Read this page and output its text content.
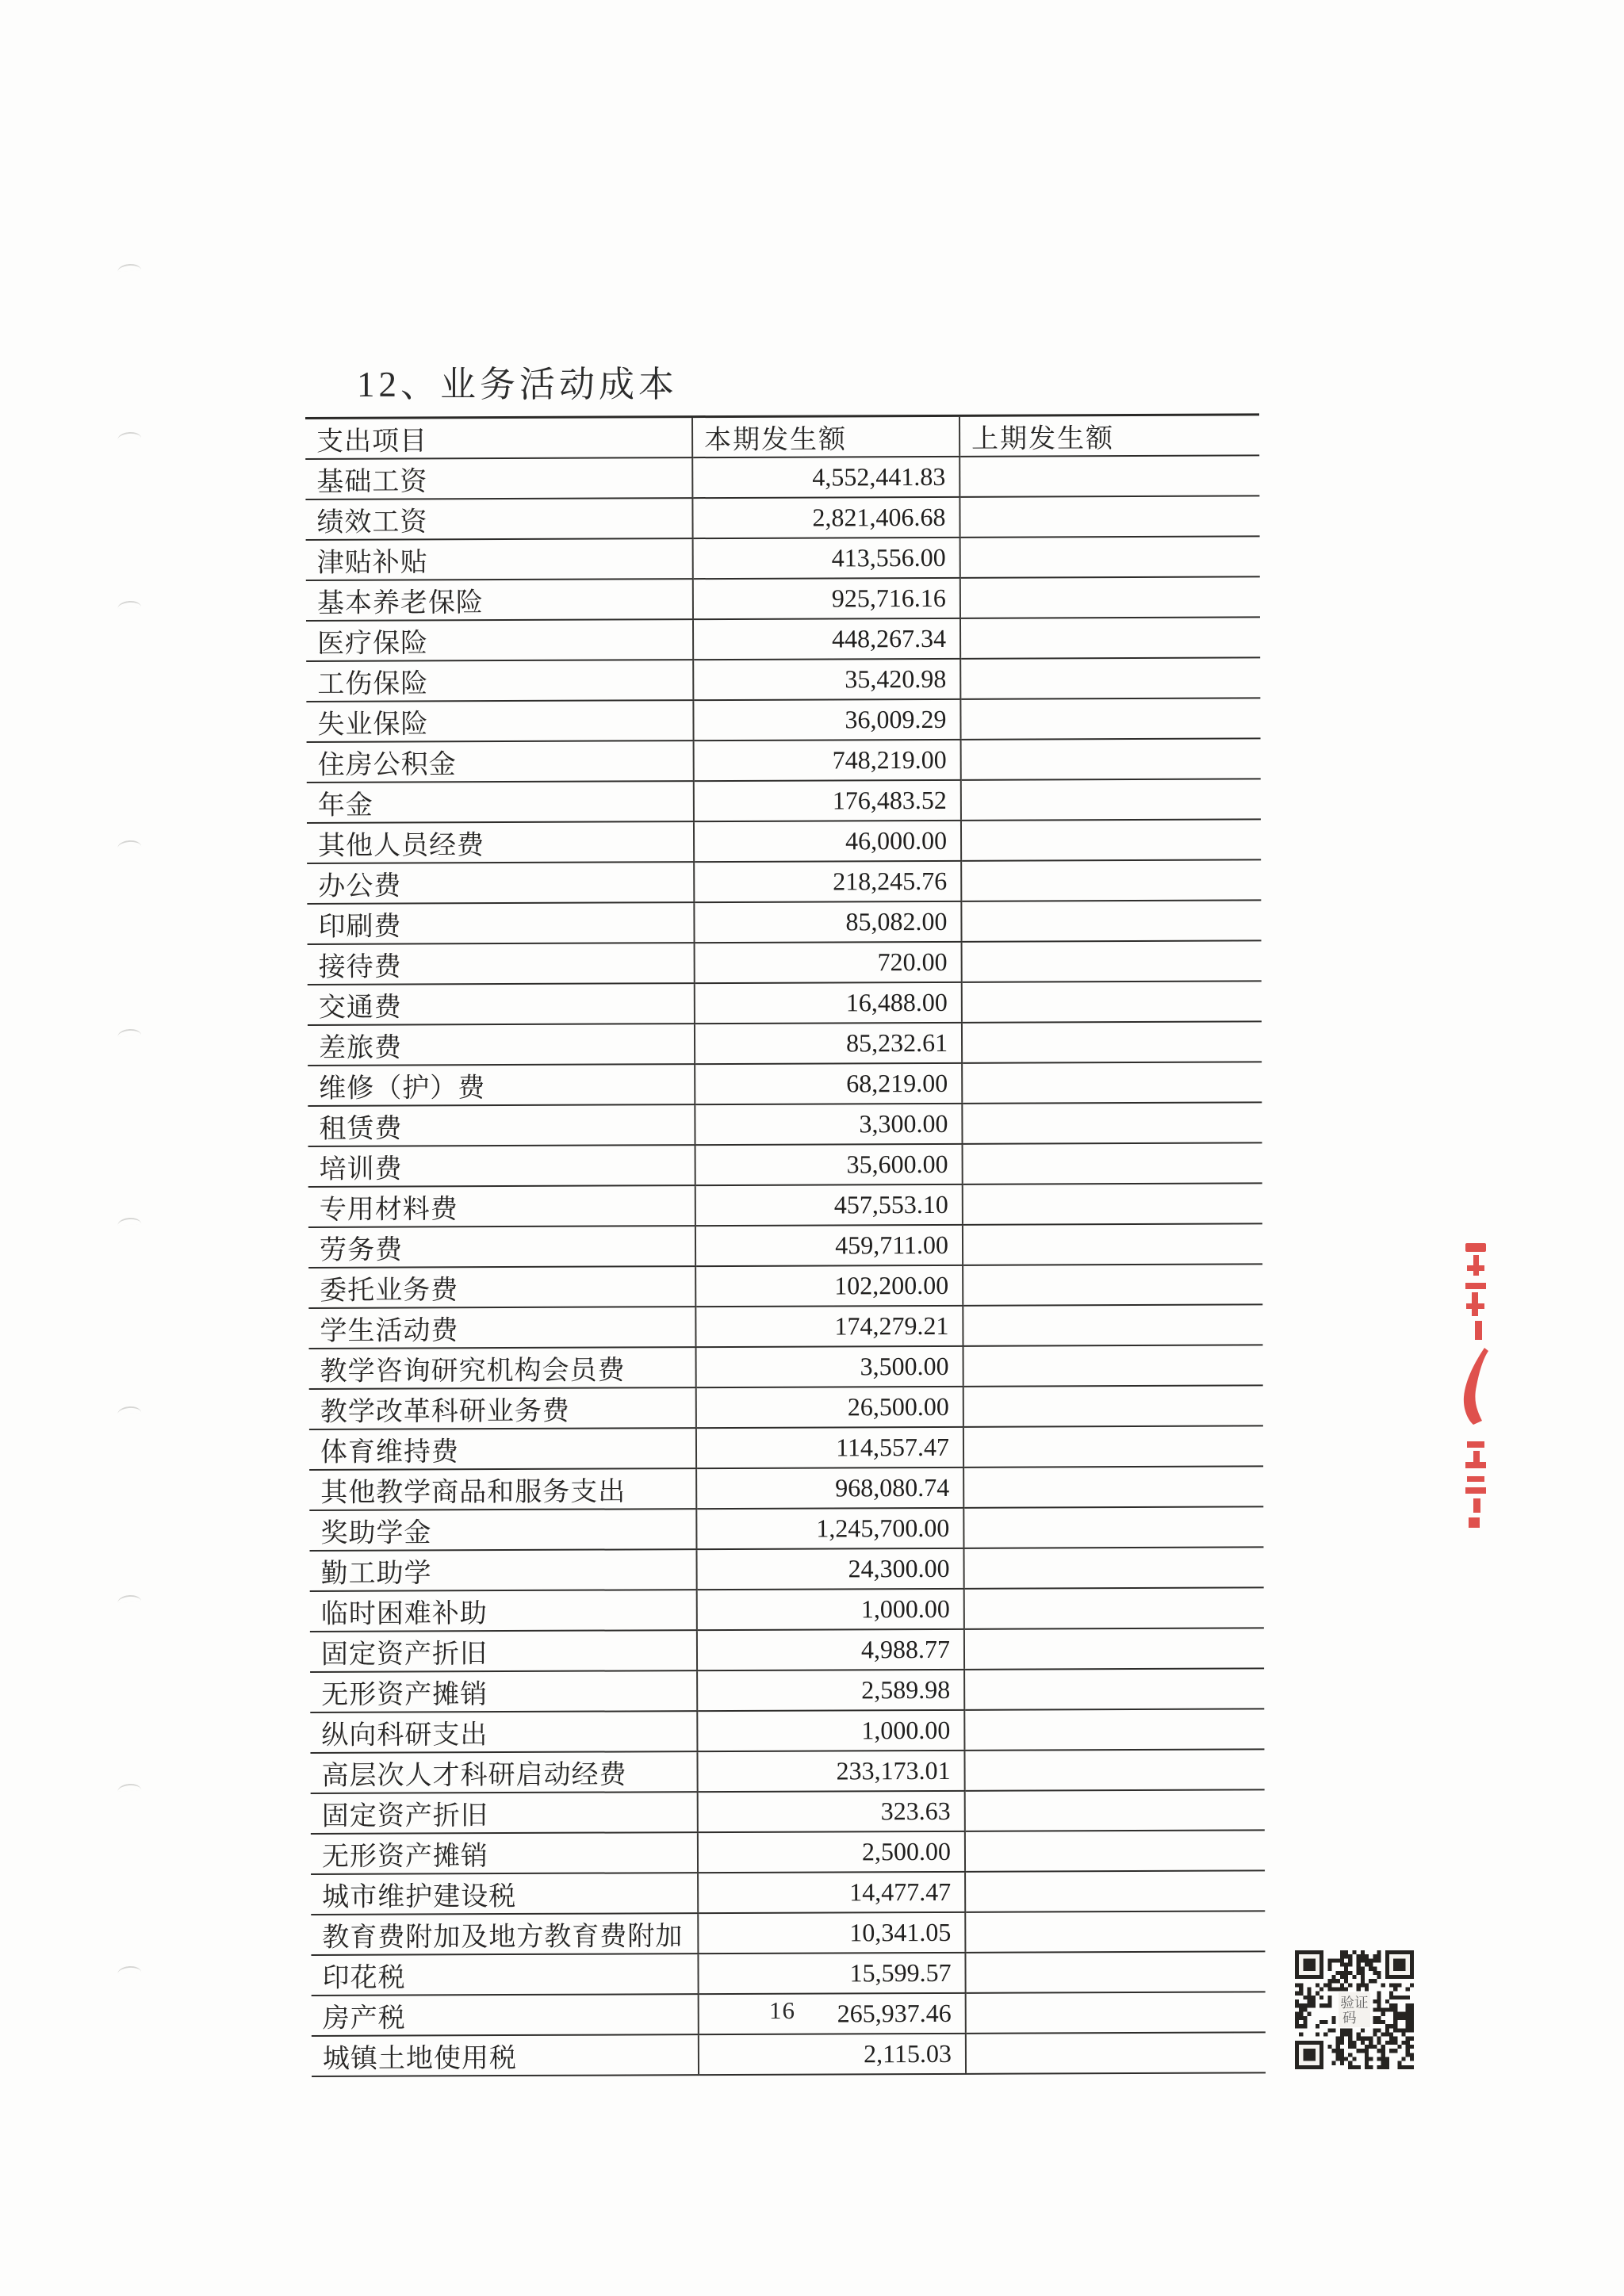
12、业务活动成本
支出项目	本期发生额	上期发生额
基础工资	4,552,441.83	
绩效工资	2,821,406.68	
津贴补贴	413,556.00	
基本养老保险	925,716.16	
医疗保险	448,267.34	
工伤保险	35,420.98	
失业保险	36,009.29	
住房公积金	748,219.00	
年金	176,483.52	
其他人员经费	46,000.00	
办公费	218,245.76	
印刷费	85,082.00	
接待费	720.00	
交通费	16,488.00	
差旅费	85,232.61	
维修（护）费	68,219.00	
租赁费	3,300.00	
培训费	35,600.00	
专用材料费	457,553.10	
劳务费	459,711.00	
委托业务费	102,200.00	
学生活动费	174,279.21	
教学咨询研究机构会员费	3,500.00	
教学改革科研业务费	26,500.00	
体育维持费	114,557.47	
其他教学商品和服务支出	968,080.74	
奖助学金	1,245,700.00	
勤工助学	24,300.00	
临时困难补助	1,000.00	
固定资产折旧	4,988.77	
无形资产摊销	2,589.98	
纵向科研支出	1,000.00	
高层次人才科研启动经费	233,173.01	
固定资产折旧	323.63	
无形资产摊销	2,500.00	
城市维护建设税	14,477.47	
教育费附加及地方教育费附加	10,341.05	
印花税	15,599.57	
房产税	265,937.46	
城镇土地使用税	2,115.03	
16	验证
码
